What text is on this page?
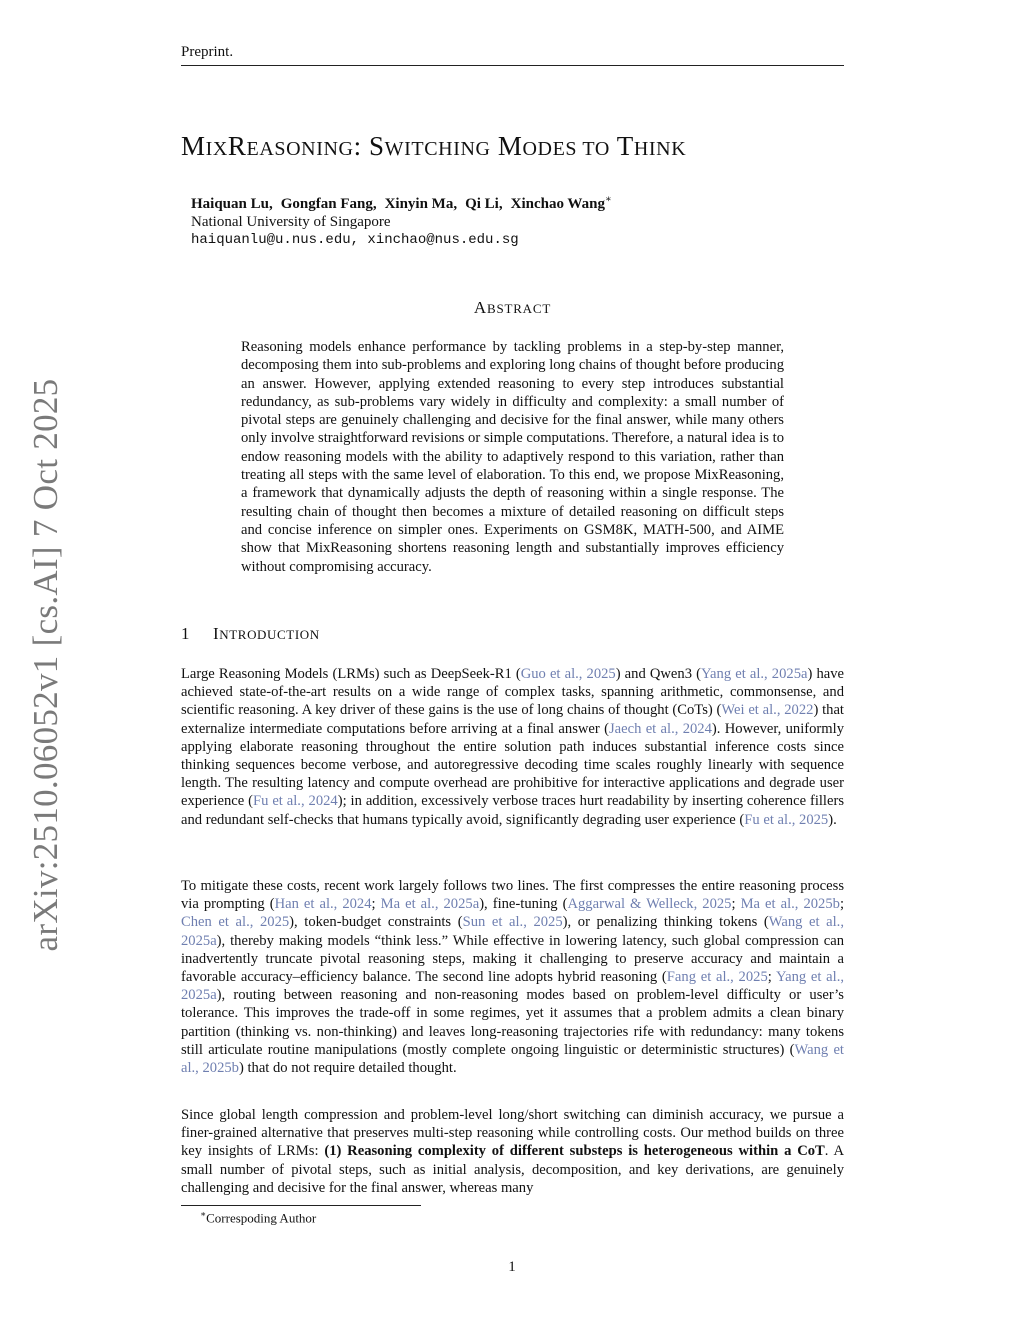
Preprint.
arXiv:2510.06052v1 [cs.AI] 7 Oct 2025
MIXREASONING: SWITCHING MODES TO THINK
Haiquan Lu, Gongfan Fang, Xinyin Ma, Qi Li, Xinchao Wang∗
National University of Singapore
haiquanlu@u.nus.edu, xinchao@nus.edu.sg
ABSTRACT
Reasoning models enhance performance by tackling problems in a step-by-step manner, decomposing them into sub-problems and exploring long chains of thought before producing an answer. However, applying extended reasoning to every step introduces substantial redundancy, as sub-problems vary widely in difficulty and complexity: a small number of pivotal steps are genuinely challenging and decisive for the final answer, while many others only involve straightforward revisions or simple computations. Therefore, a natural idea is to endow reasoning models with the ability to adaptively respond to this variation, rather than treating all steps with the same level of elaboration. To this end, we propose MixReasoning, a framework that dynamically adjusts the depth of reasoning within a single response. The resulting chain of thought then becomes a mixture of detailed reasoning on difficult steps and concise inference on simpler ones. Experiments on GSM8K, MATH-500, and AIME show that MixReasoning shortens reasoning length and substantially improves efficiency without compromising accuracy.
1 INTRODUCTION
Large Reasoning Models (LRMs) such as DeepSeek-R1 (Guo et al., 2025) and Qwen3 (Yang et al., 2025a) have achieved state-of-the-art results on a wide range of complex tasks, spanning arithmetic, commonsense, and scientific reasoning. A key driver of these gains is the use of long chains of thought (CoTs) (Wei et al., 2022) that externalize intermediate computations before arriving at a final answer (Jaech et al., 2024). However, uniformly applying elaborate reasoning throughout the entire solution path induces substantial inference costs since thinking sequences become verbose, and autoregressive decoding time scales roughly linearly with sequence length. The resulting latency and compute overhead are prohibitive for interactive applications and degrade user experience (Fu et al., 2024); in addition, excessively verbose traces hurt readability by inserting coherence fillers and redundant self-checks that humans typically avoid, significantly degrading user experience (Fu et al., 2025).
To mitigate these costs, recent work largely follows two lines. The first compresses the entire reasoning process via prompting (Han et al., 2024; Ma et al., 2025a), fine-tuning (Aggarwal & Welleck, 2025; Ma et al., 2025b; Chen et al., 2025), token-budget constraints (Sun et al., 2025), or penalizing thinking tokens (Wang et al., 2025a), thereby making models “think less.” While effective in lowering latency, such global compression can inadvertently truncate pivotal reasoning steps, making it challenging to preserve accuracy and maintain a favorable accuracy–efficiency balance. The second line adopts hybrid reasoning (Fang et al., 2025; Yang et al., 2025a), routing between reasoning and non-reasoning modes based on problem-level difficulty or user’s tolerance. This improves the trade-off in some regimes, yet it assumes that a problem admits a clean binary partition (thinking vs. non-thinking) and leaves long-reasoning trajectories rife with redundancy: many tokens still articulate routine manipulations (mostly complete ongoing linguistic or deterministic structures) (Wang et al., 2025b) that do not require detailed thought.
Since global length compression and problem-level long/short switching can diminish accuracy, we pursue a finer-grained alternative that preserves multi-step reasoning while controlling costs. Our method builds on three key insights of LRMs: (1) Reasoning complexity of different substeps is heterogeneous within a CoT. A small number of pivotal steps, such as initial analysis, decomposition, and key derivations, are genuinely challenging and decisive for the final answer, whereas many
∗Correspoding Author
1
